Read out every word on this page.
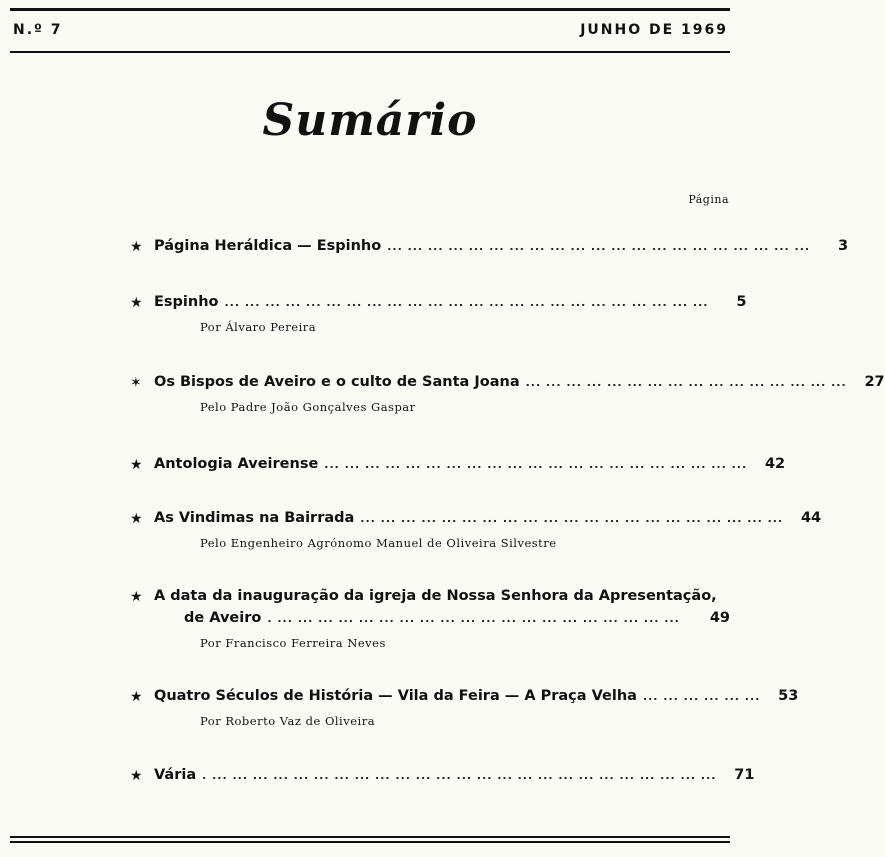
N.º 7	JUNHO DE 1969
Sumário
Página
★ Página Heráldica — Espinho ... ... ... ... ... ... ... ... ... ... ... ... ... ... ... ... ... ... ... ... ...	3
★ Espinho ... ... ... ... ... ... ... ... ... ... ... ... ... ... ... ... ... ... ... ... ... ... ... ...	5
Por Álvaro Pereira
✶ Os Bispos de Aveiro e o culto de Santa Joana ... ... ... ... ... ... ... ... ... ... ... ... ... ... ... ...	27
Pelo Padre João Gonçalves Gaspar
★ Antologia Aveirense ... ... ... ... ... ... ... ... ... ... ... ... ... ... ... ... ... ... ... ... ...	42
★ As Vindimas na Bairrada ... ... ... ... ... ... ... ... ... ... ... ... ... ... ... ... ... ... ... ... ...	44
Pelo Engenheiro Agrónomo Manuel de Oliveira Silvestre
★ A data da inauguração da igreja de Nossa Senhora da Apresentação,
de Aveiro . ... ... ... ... ... ... ... ... ... ... ... ... ... ... ... ... ... ... ... ...	49
Por Francisco Ferreira Neves
★ Quatro Séculos de História — Vila da Feira — A Praça Velha ... ... ... ... ... ...	53
Por Roberto Vaz de Oliveira
★ Vária . ... ... ... ... ... ... ... ... ... ... ... ... ... ... ... ... ... ... ... ... ... ... ... ... ...	71
